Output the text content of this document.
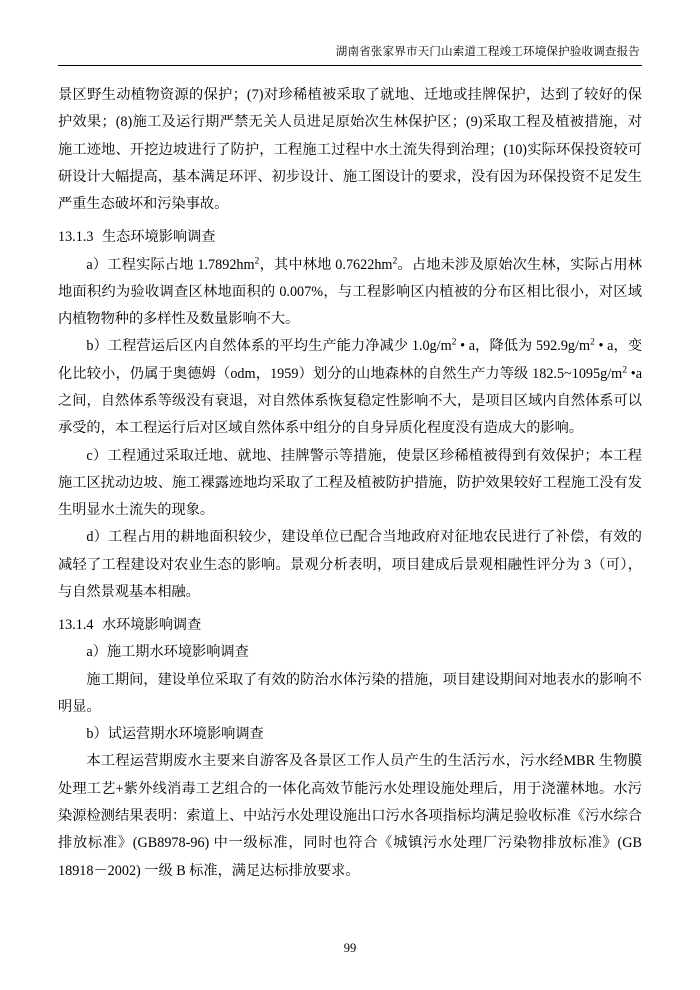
湖南省张家界市天门山索道工程竣工环境保护验收调查报告

景区野生动植物资源的保护；(7)对珍稀植被采取了就地、迁地或挂牌保护，达到了较好的保护效果；(8)施工及运行期严禁无关人员进足原始次生林保护区；(9)采取工程及植被措施，对施工迹地、开挖边坡进行了防护，工程施工过程中水土流失得到治理；(10)实际环保投资较可研设计大幅提高，基本满足环评、初步设计、施工图设计的要求，没有因为环保投资不足发生严重生态破坏和污染事故。

13.1.3 生态环境影响调查

a）工程实际占地 $1.7892hm^2$，其中林地 $0.7622hm^2$。占地未涉及原始次生林，实际占用林地面积约为验收调查区林地面积的 0.007%，与工程影响区内植被的分布区相比很小，对区域内植物物种的多样性及数量影响不大。

b）工程营运后区内自然体系的平均生产能力净减少 $1.0g/m^2$ • a，降低为 $592.9g/m^2$ • a，变化比较小，仍属于奥德姆（odm，1959）划分的山地森林的自然生产力等级 $182.5\sim 1095g/m^2$ •a 之间，自然体系等级没有衰退，对自然体系恢复稳定性影响不大，是项目区域内自然体系可以承受的，本工程运行后对区域自然体系中组分的自身异质化程度没有造成大的影响。

c）工程通过采取迁地、就地、挂牌警示等措施，使景区珍稀植被得到有效保护；本工程施工区扰动边坡、施工裸露迹地均采取了工程及植被防护措施，防护效果较好工程施工没有发生明显水土流失的现象。

d）工程占用的耕地面积较少，建设单位已配合当地政府对征地农民进行了补偿，有效的减轻了工程建设对农业生态的影响。景观分析表明，项目建成后景观相融性评分为 3（可），与自然景观基本相融。

13.1.4 水环境影响调查

a）施工期水环境影响调查

施工期间，建设单位采取了有效的防治水体污染的措施，项目建设期间对地表水的影响不明显。

b）试运营期水环境影响调查

本工程运营期废水主要来自游客及各景区工作人员产生的生活污水，污水经MBR 生物膜处理工艺+紫外线消毒工艺组合的一体化高效节能污水处理设施处理后，用于浇灌林地。水污染源检测结果表明：索道上、中站污水处理设施出口污水各项指标均满足验收标准《污水综合排放标准》(GB8978-96) 中一级标准，同时也符合《城镇污水处理厂污染物排放标准》(GB 18918－2002) 一级 B 标准，满足达标排放要求。

99
